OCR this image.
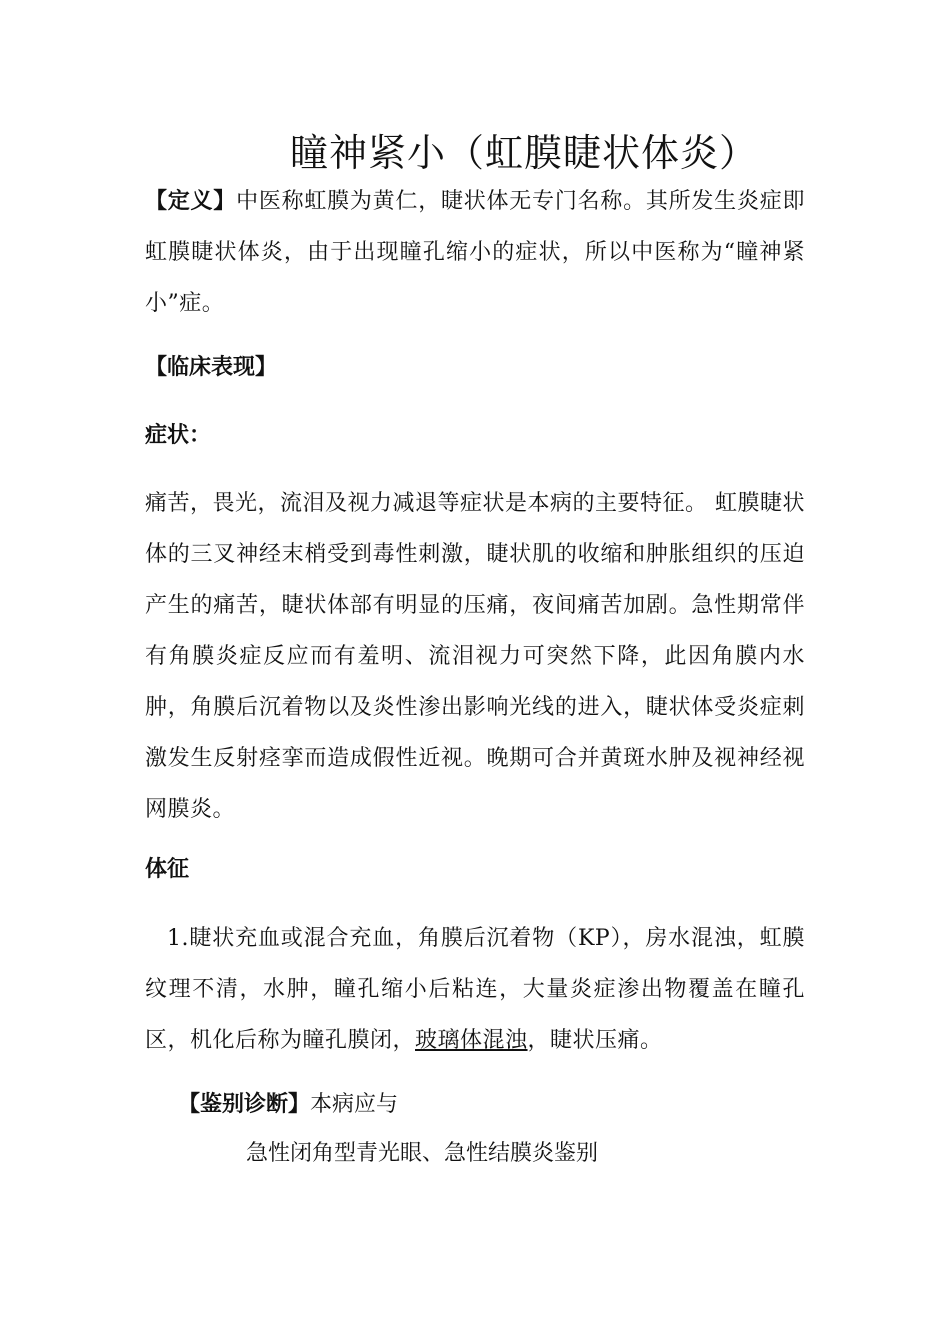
瞳神紧小（虹膜睫状体炎）
【定义】中医称虹膜为黄仁，睫状体无专门名称。其所发生炎症即虹膜睫状体炎，由于出现瞳孔缩小的症状，所以中医称为“瞳神紧小”症。
【临床表现】
症状：
痛苦，畏光，流泪及视力减退等症状是本病的主要特征。 虹膜睫状体的三叉神经末梢受到毒性刺激，睫状肌的收缩和肿胀组织的压迫产生的痛苦，睫状体部有明显的压痛，夜间痛苦加剧。急性期常伴有角膜炎症反应而有羞明、流泪视力可突然下降，此因角膜内水肿，角膜后沉着物以及炎性渗出影响光线的进入，睫状体受炎症刺激发生反射痉挛而造成假性近视。晚期可合并黄斑水肿及视神经视网膜炎。
体征
1.睫状充血或混合充血，角膜后沉着物（KP），房水混浊，虹膜纹理不清，水肿，瞳孔缩小后粘连，大量炎症渗出物覆盖在瞳孔区，机化后称为瞳孔膜闭，玻璃体混浊，睫状压痛。
【鉴别诊断】本病应与
急性闭角型青光眼、急性结膜炎鉴别
